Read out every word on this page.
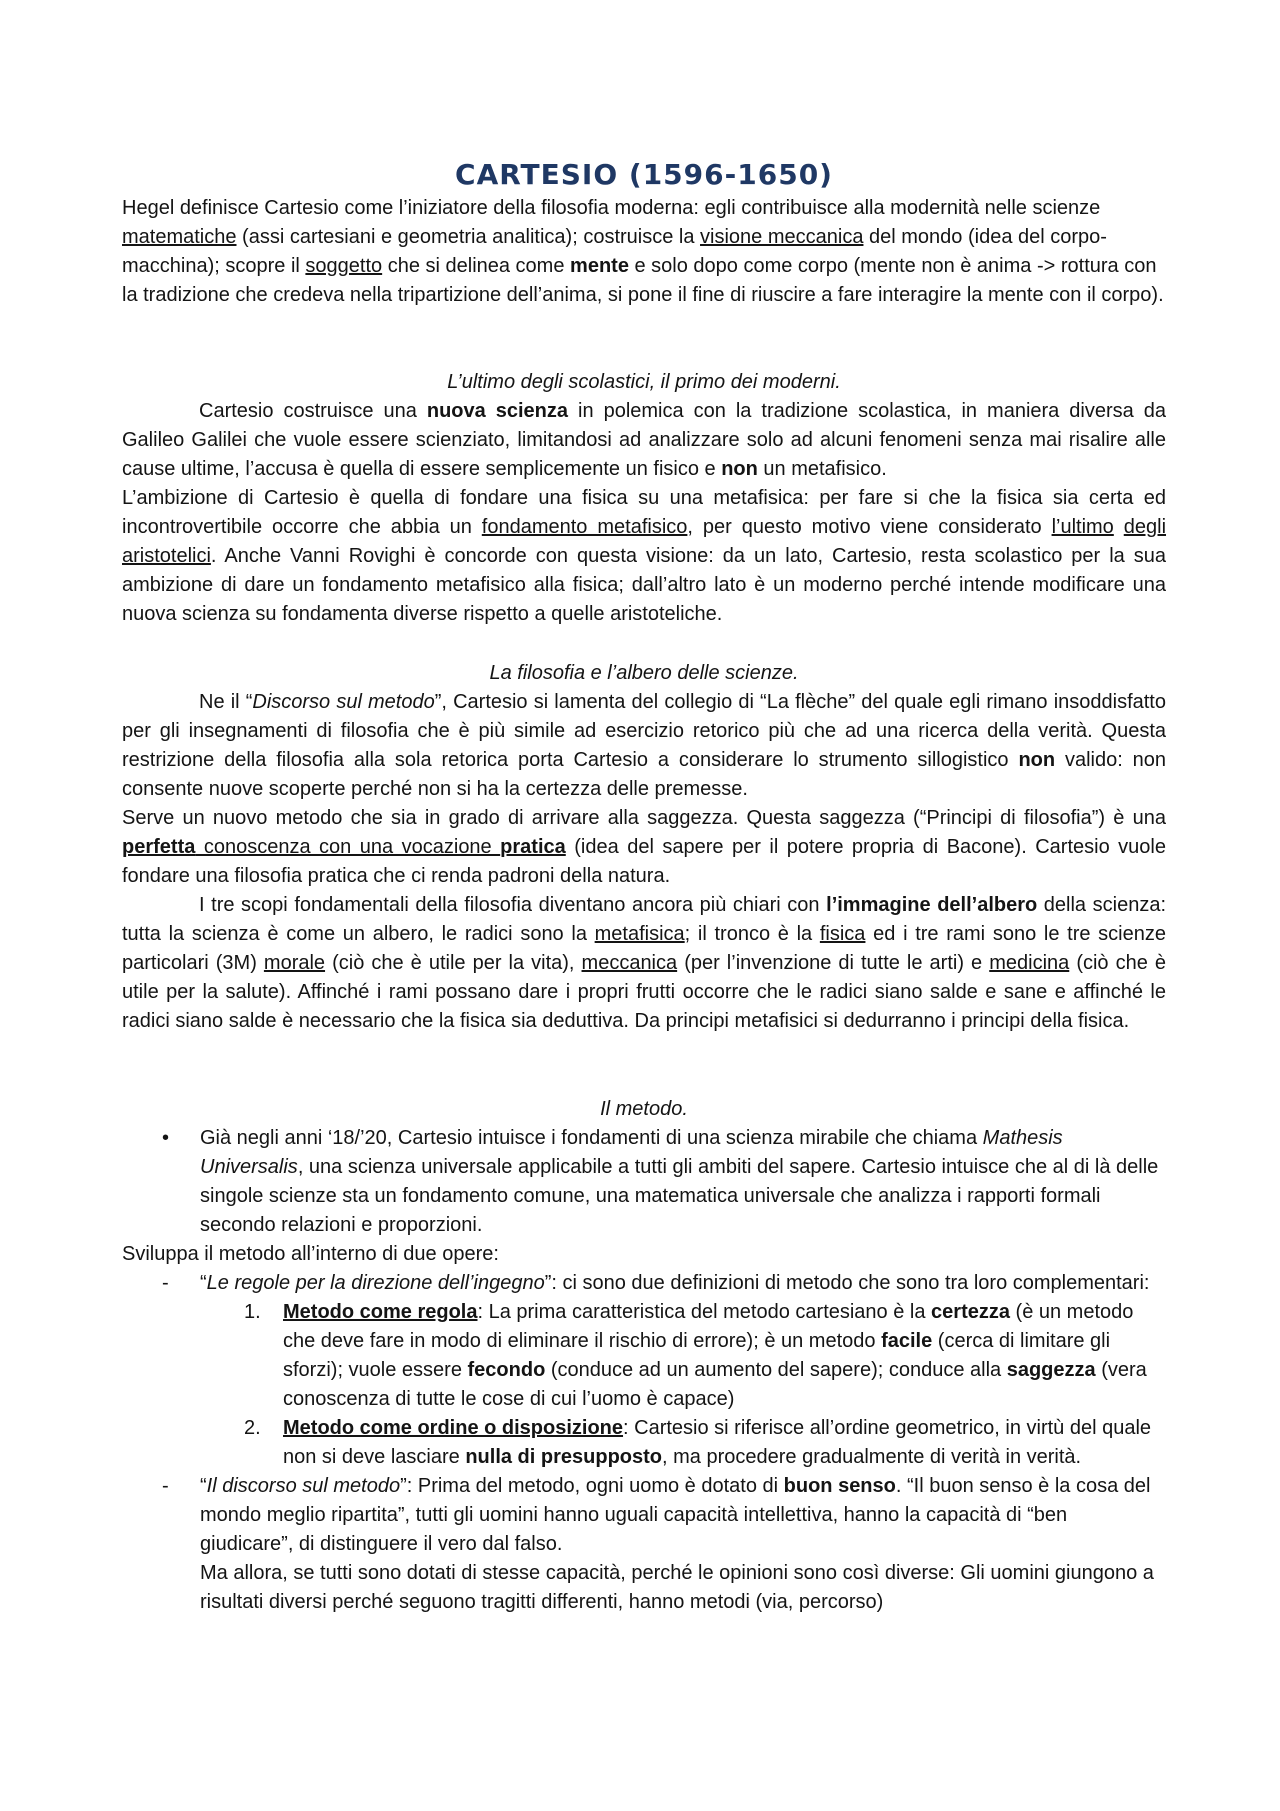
CARTESIO (1596-1650)

Hegel definisce Cartesio come l’iniziatore della filosofia moderna: egli contribuisce alla modernità nelle scienze matematiche (assi cartesiani e geometria analitica); costruisce la visione meccanica del mondo (idea del corpo-macchina); scopre il soggetto che si delinea come mente e solo dopo come corpo (mente non è anima -> rottura con la tradizione che credeva nella tripartizione dell’anima, si pone il fine di riuscire a fare interagire la mente con il corpo).

L’ultimo degli scolastici, il primo dei moderni.

Cartesio costruisce una nuova scienza in polemica con la tradizione scolastica, in maniera diversa da Galileo Galilei che vuole essere scienziato, limitandosi ad analizzare solo ad alcuni fenomeni senza mai risalire alle cause ultime, l’accusa è quella di essere semplicemente un fisico e non un metafisico.

L’ambizione di Cartesio è quella di fondare una fisica su una metafisica: per fare si che la fisica sia certa ed incontrovertibile occorre che abbia un fondamento metafisico, per questo motivo viene considerato l’ultimo degli aristotelici. Anche Vanni Rovighi è concorde con questa visione: da un lato, Cartesio, resta scolastico per la sua ambizione di dare un fondamento metafisico alla fisica; dall’altro lato è un moderno perché intende modificare una nuova scienza su fondamenta diverse rispetto a quelle aristoteliche.

La filosofia e l’albero delle scienze.

Ne il “Discorso sul metodo”, Cartesio si lamenta del collegio di “La flèche” del quale egli rimano insoddisfatto per gli insegnamenti di filosofia che è più simile ad esercizio retorico più che ad una ricerca della verità. Questa restrizione della filosofia alla sola retorica porta Cartesio a considerare lo strumento sillogistico non valido: non consente nuove scoperte perché non si ha la certezza delle premesse.

Serve un nuovo metodo che sia in grado di arrivare alla saggezza. Questa saggezza (“Principi di filosofia”) è una perfetta conoscenza con una vocazione pratica (idea del sapere per il potere propria di Bacone). Cartesio vuole fondare una filosofia pratica che ci renda padroni della natura.

I tre scopi fondamentali della filosofia diventano ancora più chiari con l’immagine dell’albero della scienza: tutta la scienza è come un albero, le radici sono la metafisica; il tronco è la fisica ed i tre rami sono le tre scienze particolari (3M) morale (ciò che è utile per la vita), meccanica (per l’invenzione di tutte le arti) e medicina (ciò che è utile per la salute). Affinché i rami possano dare i propri frutti occorre che le radici siano salde e sane e affinché le radici siano salde è necessario che la fisica sia deduttiva. Da principi metafisici si dedurranno i principi della fisica.

Il metodo.

• Già negli anni ‘18/’20, Cartesio intuisce i fondamenti di una scienza mirabile che chiama Mathesis Universalis, una scienza universale applicabile a tutti gli ambiti del sapere. Cartesio intuisce che al di là delle singole scienze sta un fondamento comune, una matematica universale che analizza i rapporti formali secondo relazioni e proporzioni.

Sviluppa il metodo all’interno di due opere:

- “Le regole per la direzione dell’ingegno”: ci sono due definizioni di metodo che sono tra loro complementari:

1. Metodo come regola: La prima caratteristica del metodo cartesiano è la certezza (è un metodo che deve fare in modo di eliminare il rischio di errore); è un metodo facile (cerca di limitare gli sforzi); vuole essere fecondo (conduce ad un aumento del sapere); conduce alla saggezza (vera conoscenza di tutte le cose di cui l’uomo è capace)

2. Metodo come ordine o disposizione: Cartesio si riferisce all’ordine geometrico, in virtù del quale non si deve lasciare nulla di presupposto, ma procedere gradualmente di verità in verità.

- “Il discorso sul metodo”: Prima del metodo, ogni uomo è dotato di buon senso. “Il buon senso è la cosa del mondo meglio ripartita”, tutti gli uomini hanno uguali capacità intellettiva, hanno la capacità di “ben giudicare”, di distinguere il vero dal falso.

Ma allora, se tutti sono dotati di stesse capacità, perché le opinioni sono così diverse: Gli uomini giungono a risultati diversi perché seguono tragitti differenti, hanno metodi (via, percorso)
